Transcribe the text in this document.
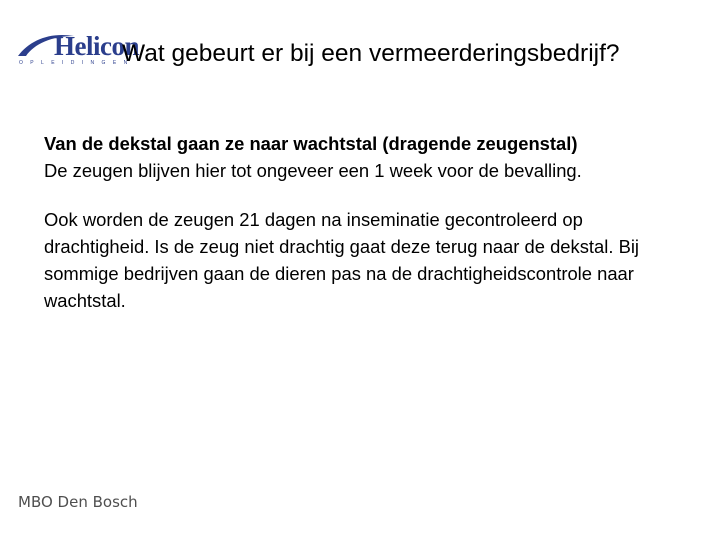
Helicon
OPLEIDINGEN
Wat gebeurt er bij een vermeerderingsbedrijf?

Van de dekstal gaan ze naar wachtstal (dragende zeugenstal)

De zeugen blijven hier tot ongeveer een 1 week voor de bevalling.

Ook worden de zeugen 21 dagen na inseminatie gecontroleerd op drachtigheid. Is de zeug niet drachtig gaat deze terug naar de dekstal. Bij sommige bedrijven gaan de dieren pas na de drachtigheidscontrole naar wachtstal.

MBO Den Bosch
